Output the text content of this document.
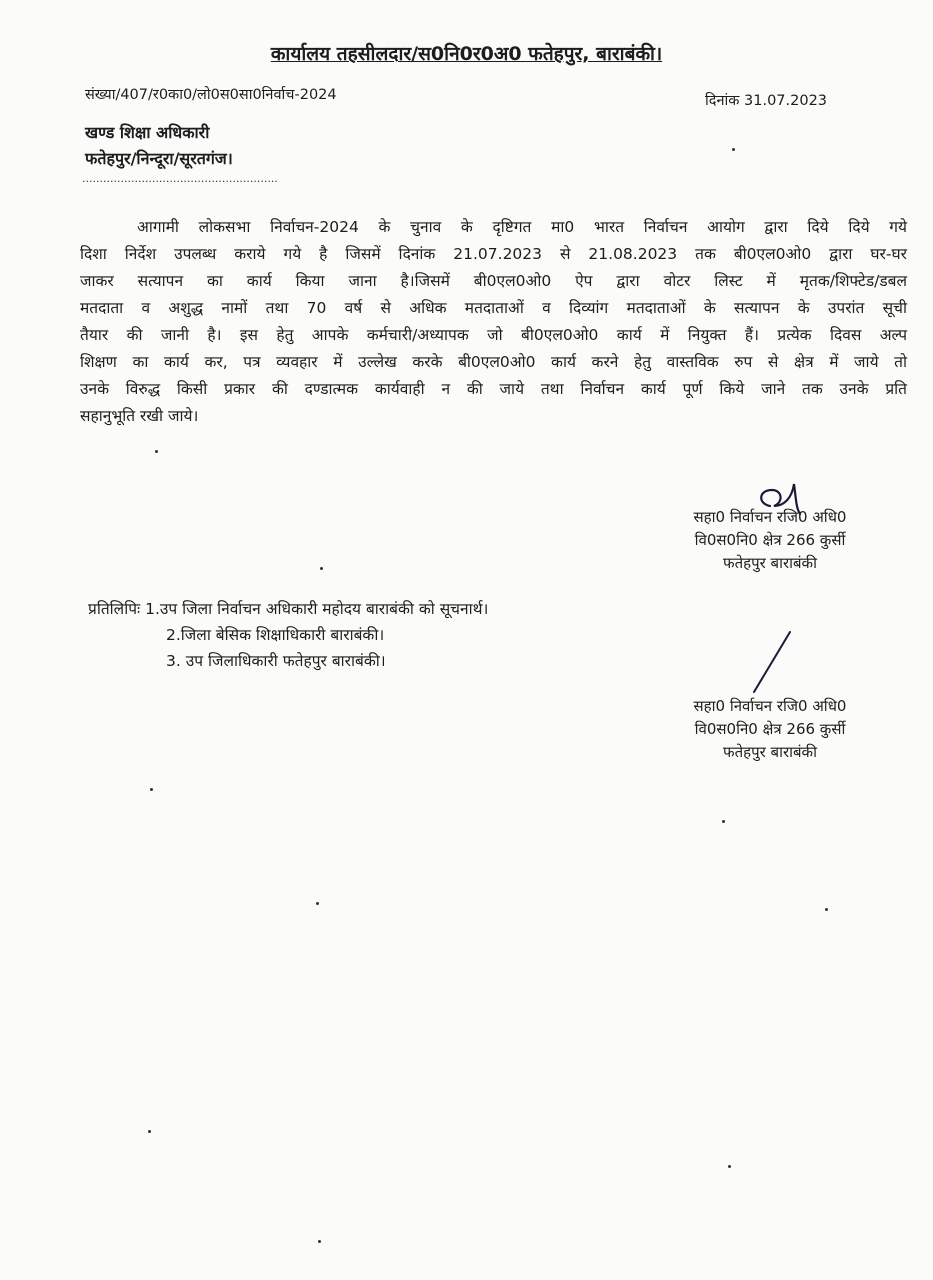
कार्यालय तहसीलदार/स0नि0र0अ0 फतेहपुर, बाराबंकी।
संख्या/407/र0का0/लो0स0सा0निर्वाच-2024	दिनांक 31.07.2023
खण्ड शिक्षा अधिकारी
फतेहपुर/निन्दूरा/सूरतगंज।
........................................................
आगामी लोकसभा निर्वाचन-2024 के चुनाव के दृष्टिगत मा0 भारत निर्वाचन आयोग द्वारा दिये दिये गये
दिशा निर्देश उपलब्ध कराये गये है जिसमें दिनांक 21.07.2023 से 21.08.2023 तक बी0एल0ओ0 द्वारा घर-घर
जाकर सत्यापन का कार्य किया जाना है।जिसमें बी0एल0ओ0 ऐप द्वारा वोटर लिस्ट में मृतक/शिफ्टेड/डबल
मतदाता व अशुद्ध नामों तथा 70 वर्ष से अधिक मतदाताओं व दिव्यांग मतदाताओं के सत्यापन के उपरांत सूची
तैयार की जानी है। इस हेतु आपके कर्मचारी/अध्यापक जो बी0एल0ओ0 कार्य में नियुक्त हैं। प्रत्येक दिवस अल्प
शिक्षण का कार्य कर, पत्र व्यवहार में उल्लेख करके बी0एल0ओ0 कार्य करने हेतु वास्तविक रुप से क्षेत्र में जाये तो
उनके विरुद्ध किसी प्रकार की दण्डात्मक कार्यवाही न की जाये तथा निर्वाचन कार्य पूर्ण किये जाने तक उनके प्रति
सहानुभूति रखी जाये।
सहा0 निर्वाचन रजि0 अधि0
वि0स0नि0 क्षेत्र 266 कुर्सी
फतेहपुर बाराबंकी
प्रतिलिपिः 1.उप जिला निर्वाचन अधिकारी महोदय बाराबंकी को सूचनार्थ।
2.जिला बेसिक शिक्षाधिकारी बाराबंकी।
3. उप जिलाधिकारी फतेहपुर बाराबंकी।
सहा0 निर्वाचन रजि0 अधि0
वि0स0नि0 क्षेत्र 266 कुर्सी
फतेहपुर बाराबंकी
